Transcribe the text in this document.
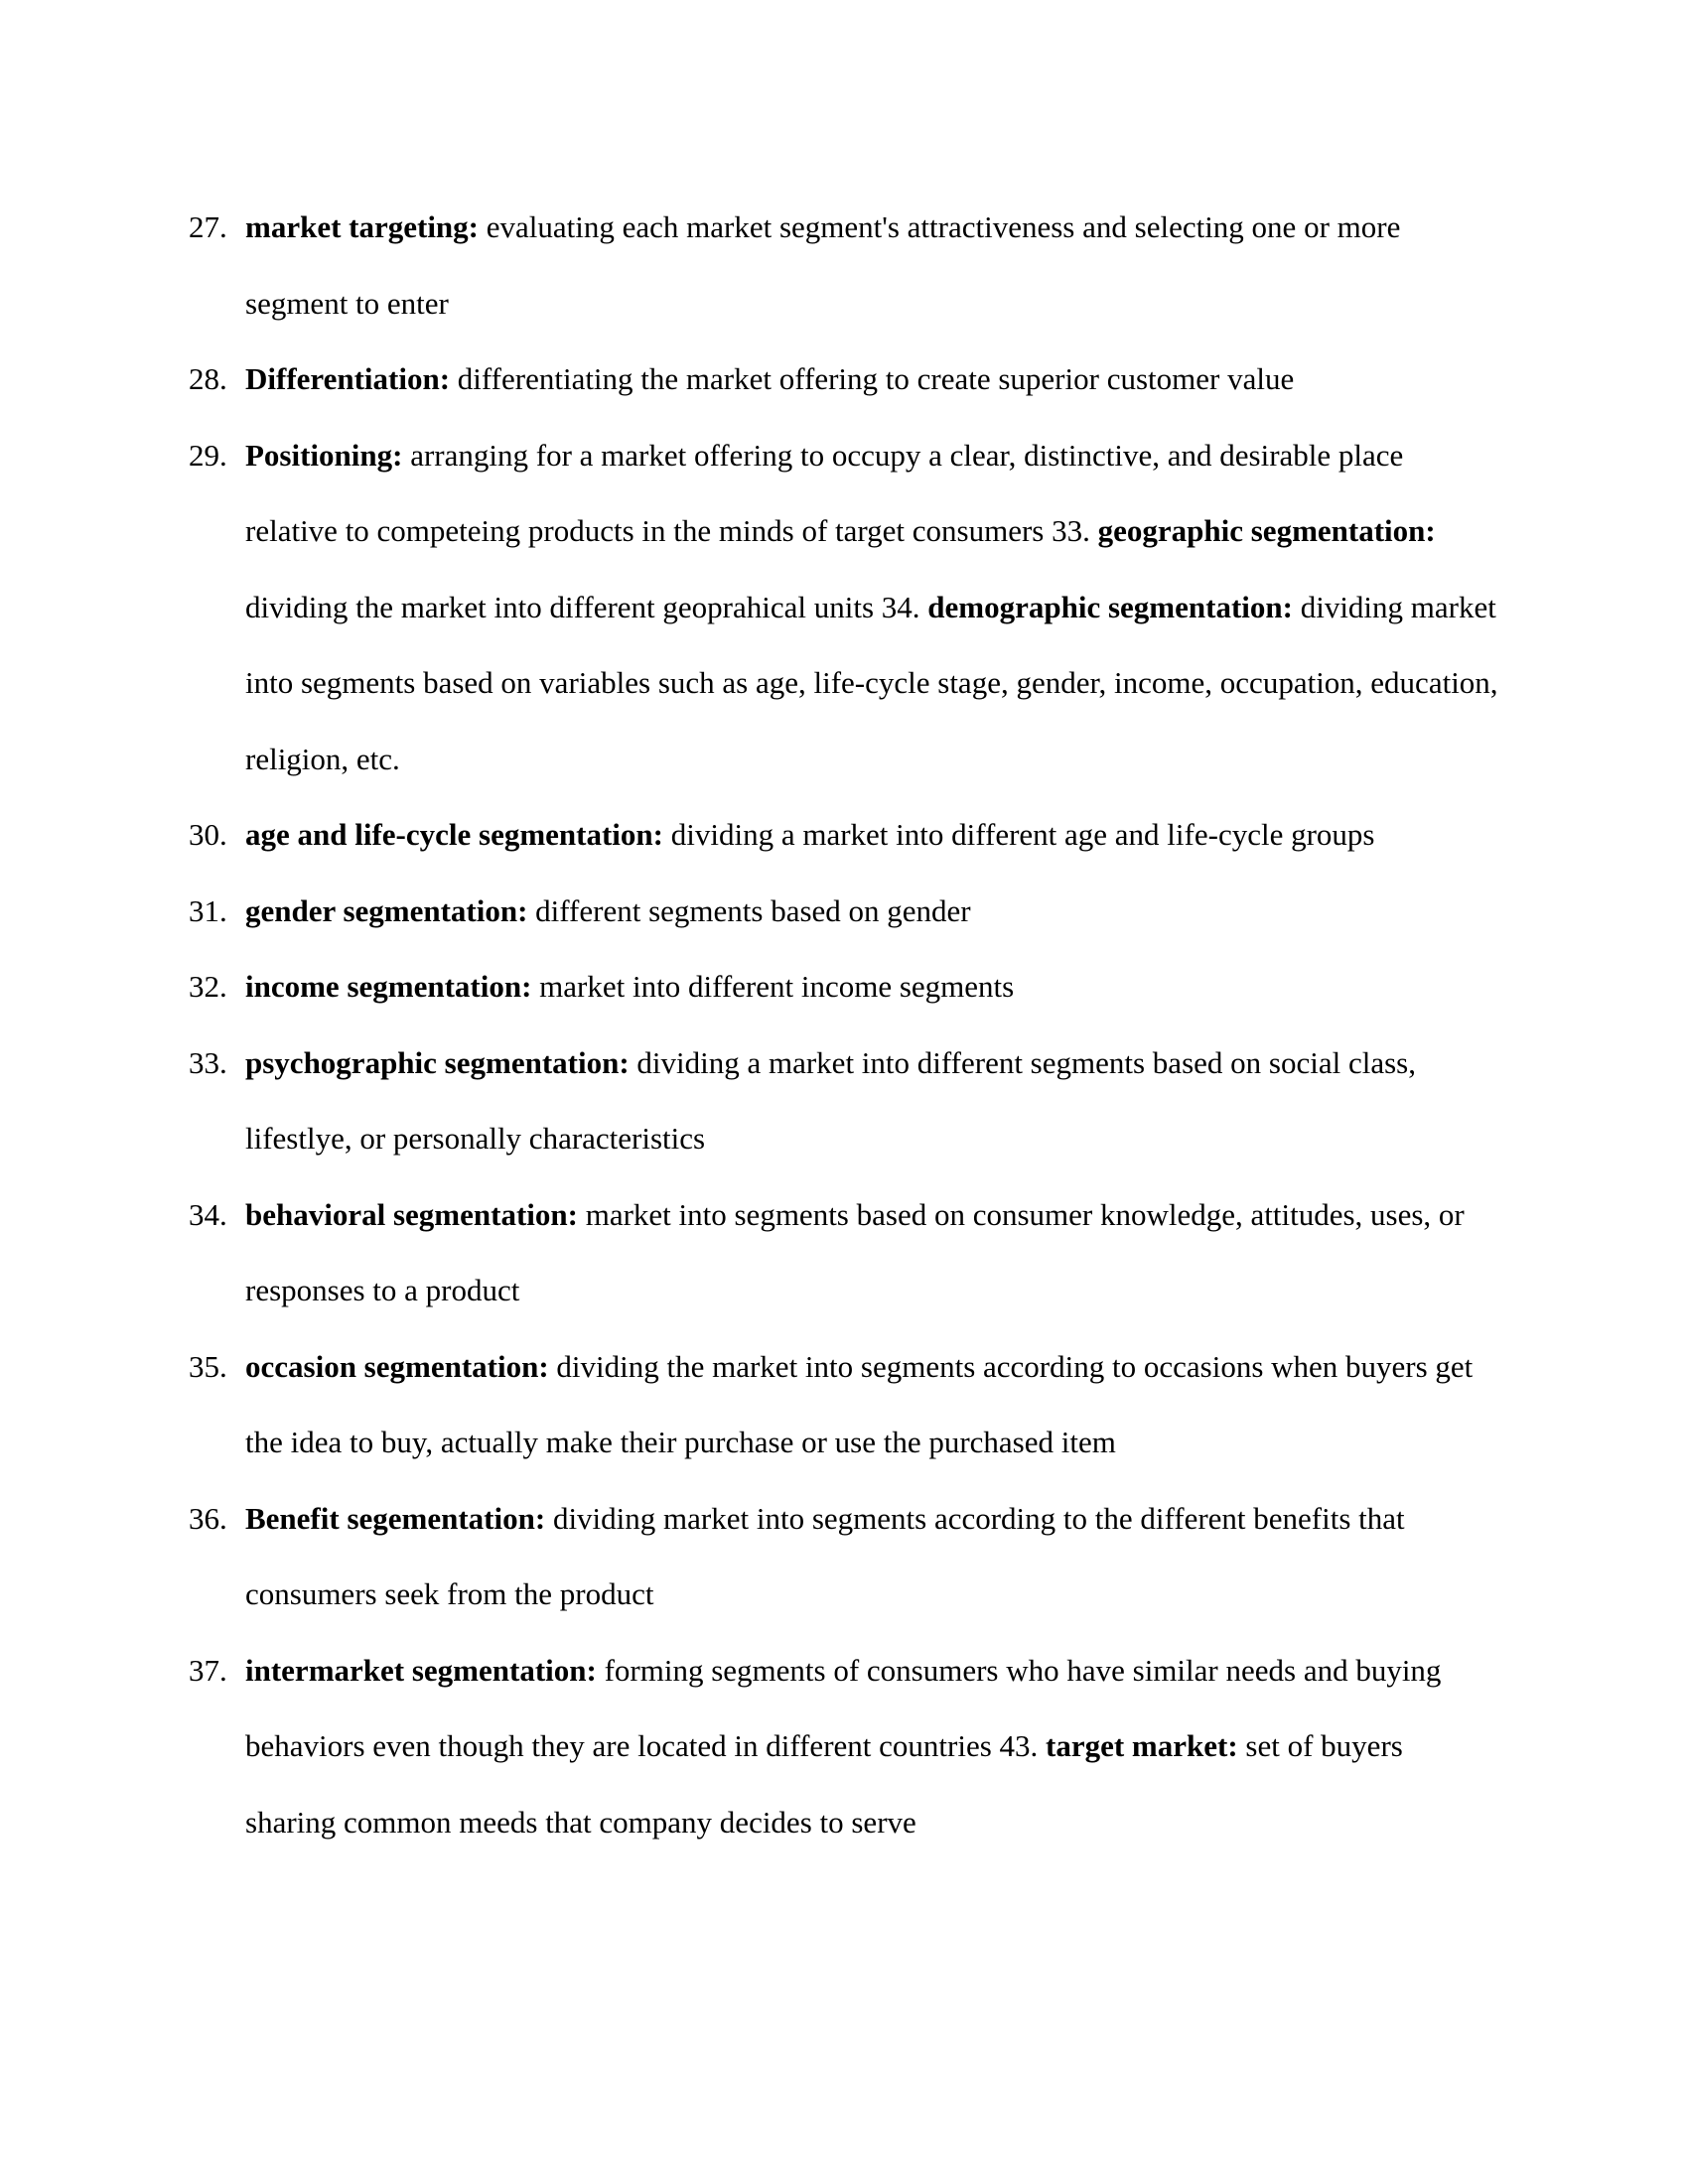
27. market targeting: evaluating each market segment's attractiveness and selecting one or more segment to enter
28. Differentiation: differentiating the market offering to create superior customer value
29. Positioning: arranging for a market offering to occupy a clear, distinctive, and desirable place relative to competeing products in the minds of target consumers 33. geographic segmentation: dividing the market into different geoprahical units 34. demographic segmentation: dividing market into segments based on variables such as age, life-cycle stage, gender, income, occupation, education, religion, etc.
30. age and life-cycle segmentation: dividing a market into different age and life-cycle groups
31. gender segmentation: different segments based on gender
32. income segmentation: market into different income segments
33. psychographic segmentation: dividing a market into different segments based on social class, lifestlye, or personally characteristics
34. behavioral segmentation: market into segments based on consumer knowledge, attitudes, uses, or responses to a product
35. occasion segmentation: dividing the market into segments according to occasions when buyers get the idea to buy, actually make their purchase or use the purchased item
36. Benefit segementation: dividing market into segments according to the different benefits that consumers seek from the product
37. intermarket segmentation: forming segments of consumers who have similar needs and buying behaviors even though they are located in different countries 43. target market: set of buyers sharing common meeds that company decides to serve
